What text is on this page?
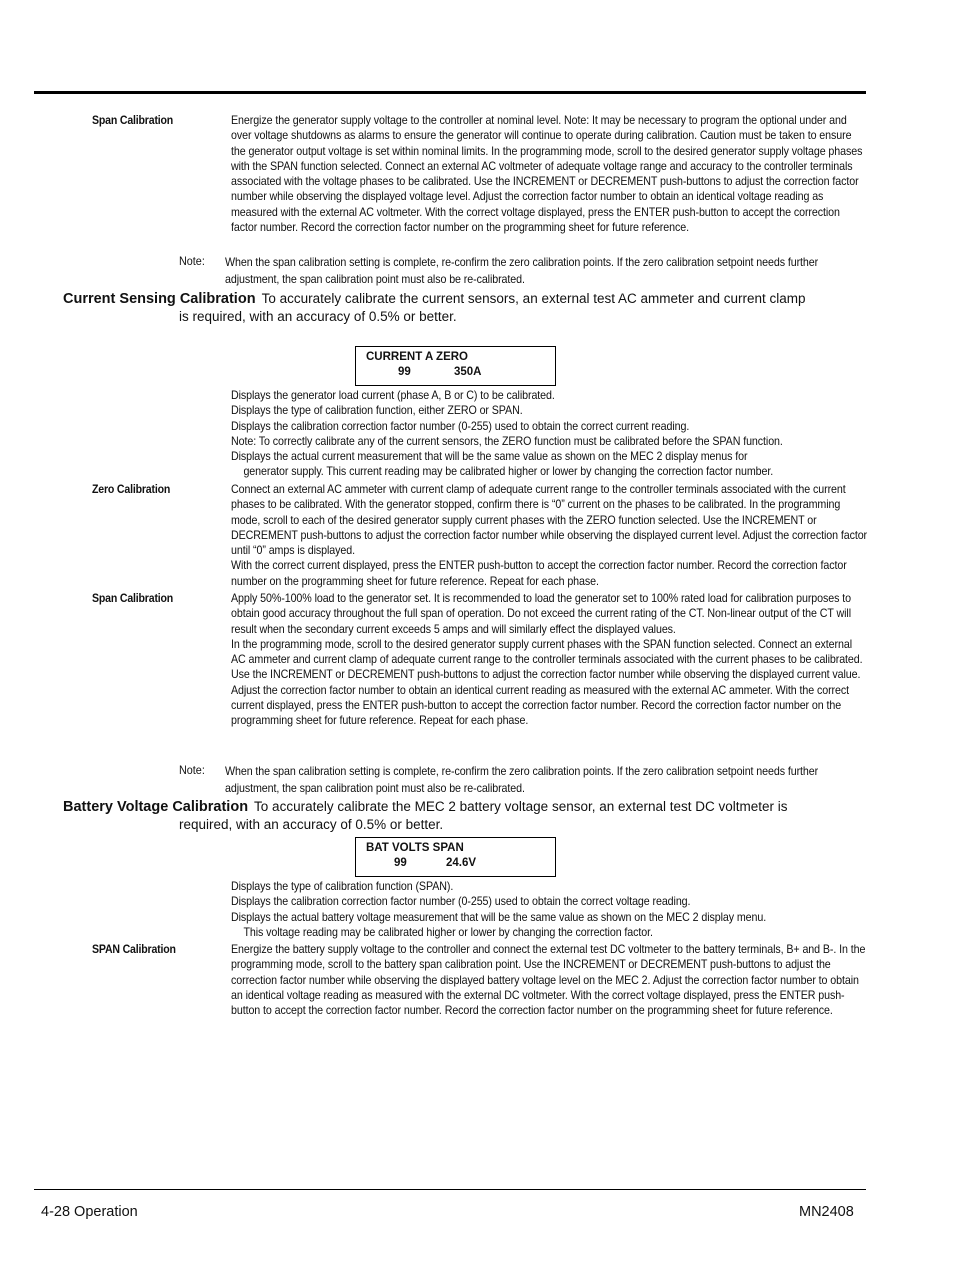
Span Calibration	Energize the generator supply voltage to the controller at nominal level. Note: It may be necessary to program the optional under and over voltage shutdowns as alarms to ensure the generator will continue to operate during calibration. Caution must be taken to ensure the generator output voltage is set within nominal limits. In the programming mode, scroll to the desired generator supply voltage phases with the SPAN function selected. Connect an external AC voltmeter of adequate voltage range and accuracy to the controller terminals associated with the voltage phases to be calibrated. Use the INCREMENT or DECREMENT push-buttons to adjust the correction factor number while observing the displayed voltage level. Adjust the correction factor number to obtain an identical voltage reading as measured with the external AC voltmeter. With the correct voltage displayed, press the ENTER push-button to accept the correction factor number. Record the correction factor number on the programming sheet for future reference.

Note: When the span calibration setting is complete, re-confirm the zero calibration points. If the zero calibration setpoint needs further adjustment, the span calibration point must also be re-calibrated.
Current Sensing Calibration To accurately calibrate the current sensors, an external test AC ammeter and current clamp
is required, with an accuracy of 0.5% or better.
CURRENT A ZERO
99	350A

Displays the generator load current (phase A, B or C) to be calibrated.

Displays the type of calibration function, either ZERO or SPAN.

Displays the calibration correction factor number (0-255) used to obtain the correct current reading.

Note: To correctly calibrate any of the current sensors, the ZERO function must be calibrated before the SPAN function.

Displays the actual current measurement that will be the same value as shown on the MEC 2 display menus for

generator supply. This current reading may be calibrated higher or lower by changing the correction factor number.

Zero Calibration	Connect an external AC ammeter with current clamp of adequate current range to the controller terminals associated with the current phases to be calibrated. With the generator stopped, confirm there is “0” current on the phases to be calibrated. In the programming mode, scroll to each of the desired generator supply current phases with the ZERO function selected. Use the INCREMENT or DECREMENT push-buttons to adjust the correction factor number while observing the displayed current level. Adjust the correction factor until “0” amps is displayed.

With the correct current displayed, press the ENTER push-button to accept the correction factor number. Record the correction factor number on the programming sheet for future reference. Repeat for each phase.

Span Calibration	Apply 50%-100% load to the generator set. It is recommended to load the generator set to 100% rated load for calibration purposes to obtain good accuracy throughout the full span of operation. Do not exceed the current rating of the CT. Non-linear output of the CT will result when the secondary current exceeds 5 amps and will similarly effect the displayed values.

In the programming mode, scroll to the desired generator supply current phases with the SPAN function selected. Connect an external AC ammeter and current clamp of adequate current range to the controller terminals associated with the current phases to be calibrated. Use the INCREMENT or DECREMENT push-buttons to adjust the correction factor number while observing the displayed current value. Adjust the correction factor number to obtain an identical current reading as measured with the external AC ammeter. With the correct current displayed, press the ENTER push-button to accept the correction factor number. Record the correction factor number on the programming sheet for future reference. Repeat for each phase.

Note: When the span calibration setting is complete, re-confirm the zero calibration points. If the zero calibration setpoint needs further adjustment, the span calibration point must also be re-calibrated.
Battery Voltage Calibration To accurately calibrate the MEC 2 battery voltage sensor, an external test DC voltmeter is
required, with an accuracy of 0.5% or better.
BAT VOLTS SPAN
99	24.6V

Displays the type of calibration function (SPAN).

Displays the calibration correction factor number (0-255) used to obtain the correct voltage reading.

Displays the actual battery voltage measurement that will be the same value as shown on the MEC 2 display menu.

This voltage reading may be calibrated higher or lower by changing the correction factor.

SPAN Calibration	Energize the battery supply voltage to the controller and connect the external test DC voltmeter to the battery terminals, B+ and B-. In the programming mode, scroll to the battery span calibration point. Use the INCREMENT or DECREMENT push-buttons to adjust the correction factor number while observing the displayed battery voltage level on the MEC 2. Adjust the correction factor number to obtain an identical voltage reading as measured with the external DC voltmeter. With the correct voltage displayed, press the ENTER push-button to accept the correction factor number. Record the correction factor number on the programming sheet for future reference.

4-28 Operation	MN2408
